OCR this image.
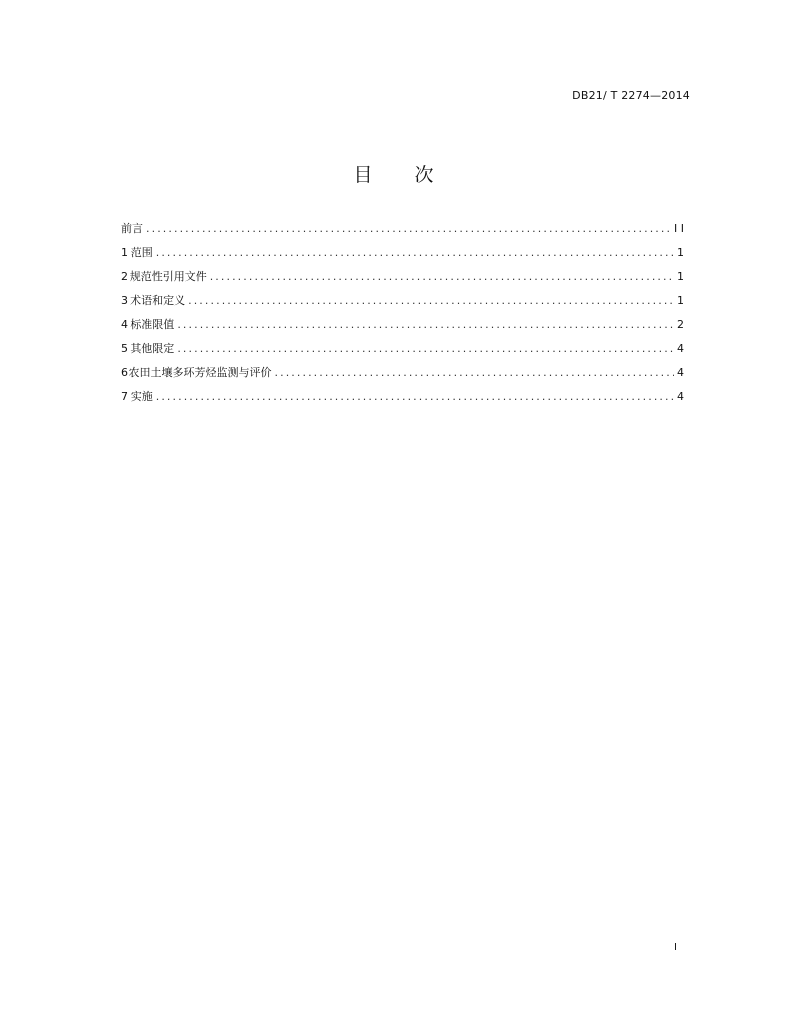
DB21/ T 2274—2014
目 次
前言 .....	I I
1 范围 .....	1
2 规范性引用文件 .....	1
3 术语和定义 .....	1
4 标准限值 .....	2
5 其他限定 .....	4
6 农田土壤多环芳烃监测与评价 .....	4
7 实施 .....	4
I
